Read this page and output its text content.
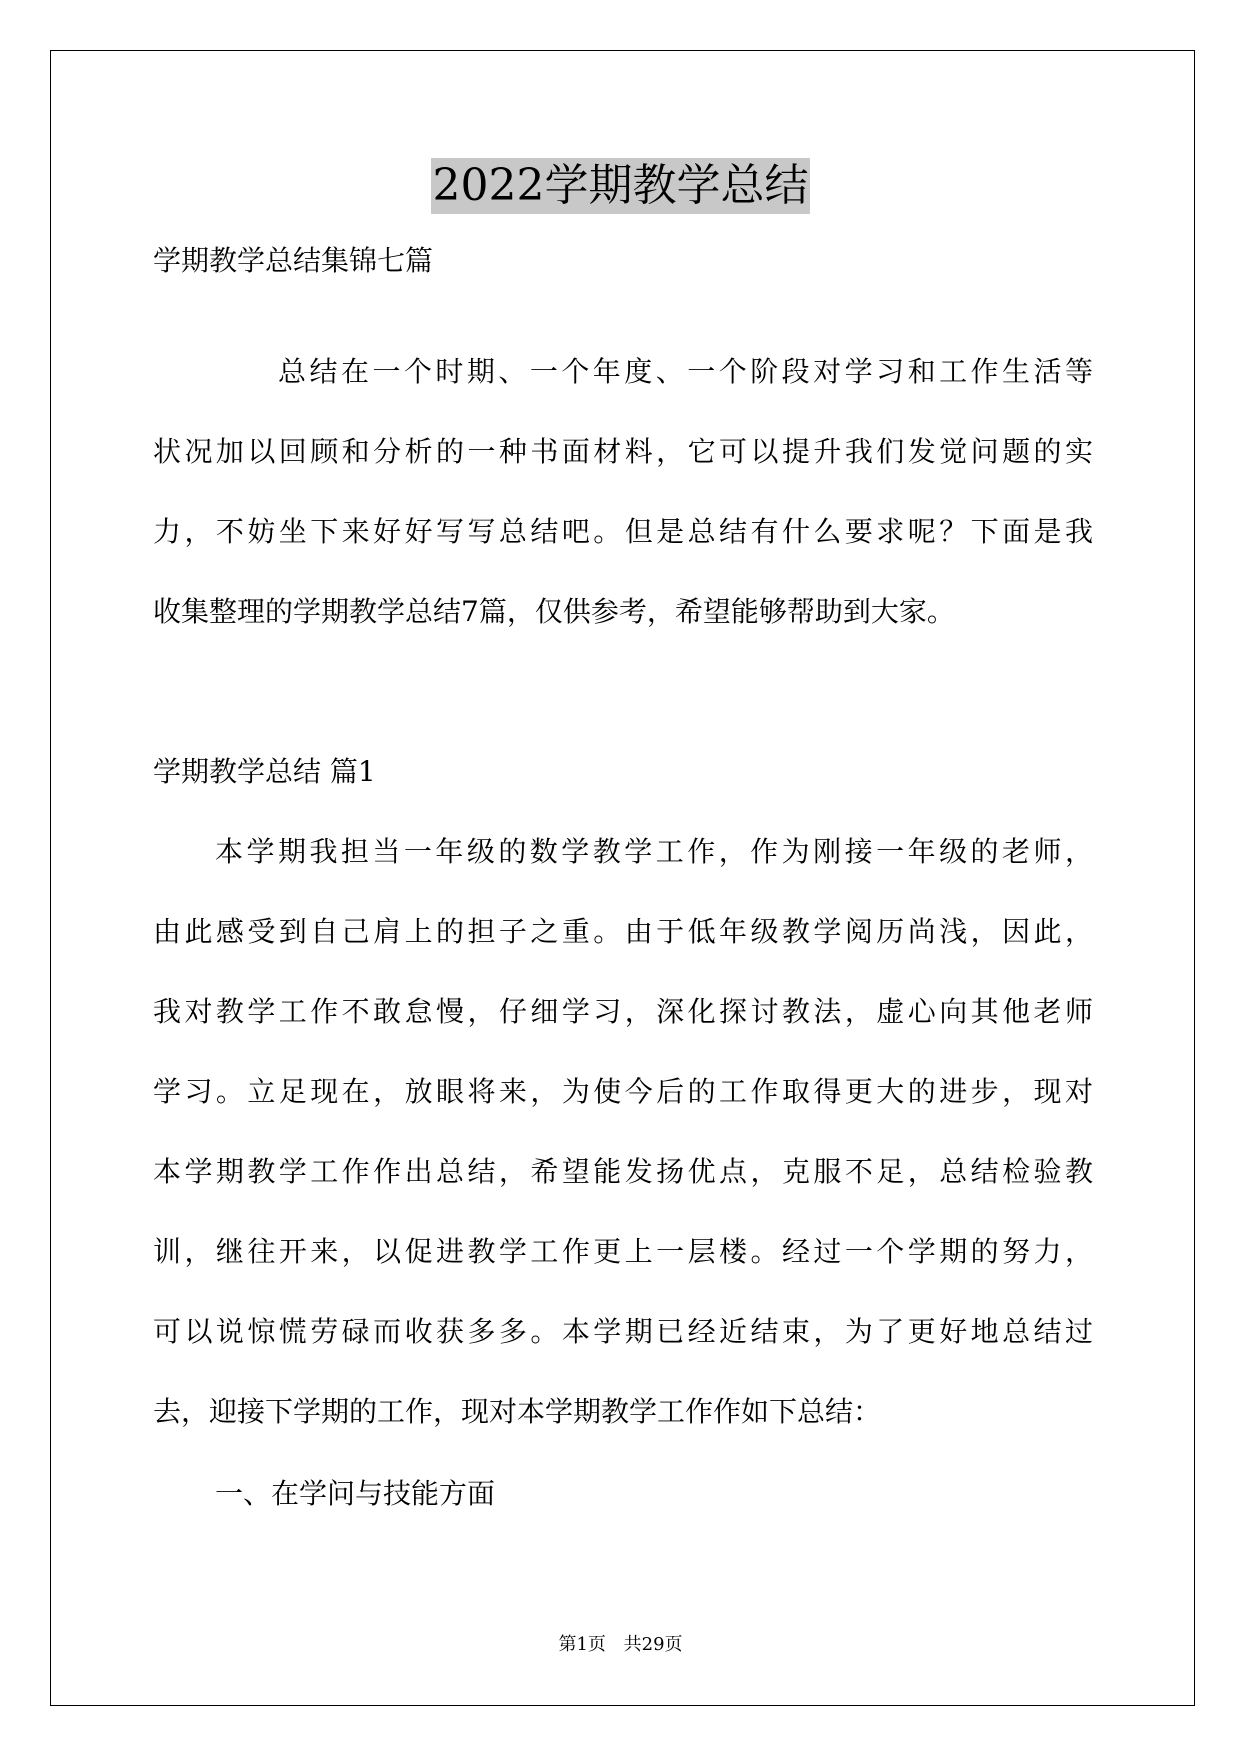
2022学期教学总结
学期教学总结集锦七篇
总结在一个时期、一个年度、一个阶段对学习和工作生活等
状况加以回顾和分析的一种书面材料，它可以提升我们发觉问题的实
力，不妨坐下来好好写写总结吧。但是总结有什么要求呢？下面是我
收集整理的学期教学总结7篇，仅供参考，希望能够帮助到大家。
学期教学总结 篇1
本学期我担当一年级的数学教学工作，作为刚接一年级的老师，
由此感受到自己肩上的担子之重。由于低年级教学阅历尚浅，因此，
我对教学工作不敢怠慢，仔细学习，深化探讨教法，虚心向其他老师
学习。立足现在，放眼将来，为使今后的工作取得更大的进步，现对
本学期教学工作作出总结，希望能发扬优点，克服不足，总结检验教
训，继往开来，以促进教学工作更上一层楼。经过一个学期的努力，
可以说惊慌劳碌而收获多多。本学期已经近结束，为了更好地总结过
去，迎接下学期的工作，现对本学期教学工作作如下总结：
一、在学问与技能方面
第1页 共29页
